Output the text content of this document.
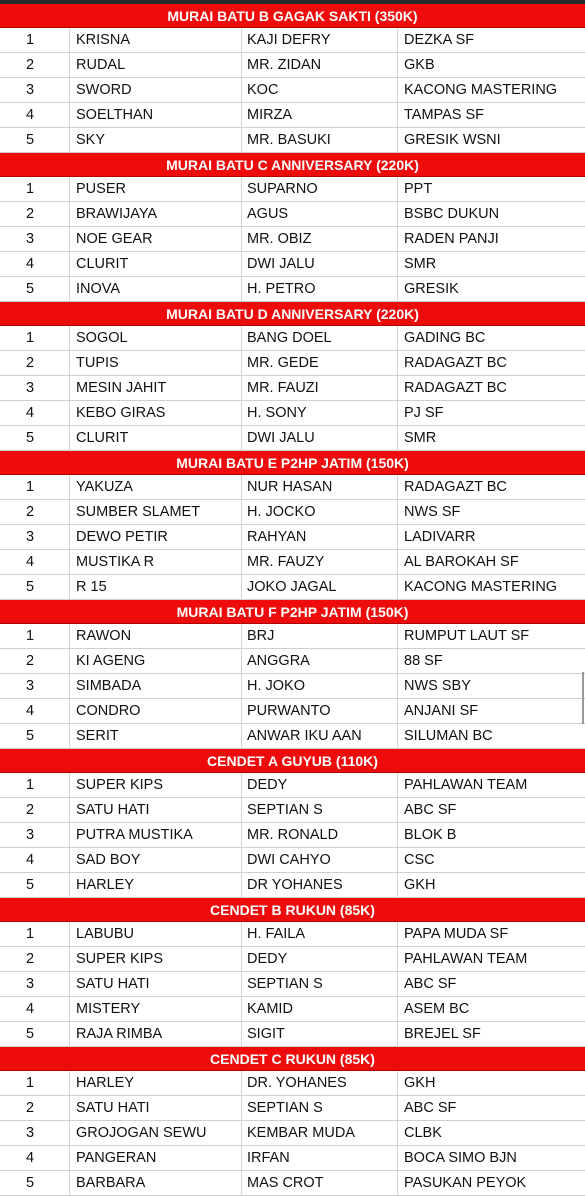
MURAI BATU B GAGAK SAKTI (350K)
1	KRISNA	KAJI DEFRY	DEZKA SF
2	RUDAL	MR. ZIDAN	GKB
3	SWORD	KOC	KACONG MASTERING
4	SOELTHAN	MIRZA	TAMPAS SF
5	SKY	MR. BASUKI	GRESIK WSNI
MURAI BATU C ANNIVERSARY (220K)
1	PUSER	SUPARNO	PPT
2	BRAWIJAYA	AGUS	BSBC DUKUN
3	NOE GEAR	MR. OBIZ	RADEN PANJI
4	CLURIT	DWI JALU	SMR
5	INOVA	H. PETRO	GRESIK
MURAI BATU D ANNIVERSARY (220K)
1	SOGOL	BANG DOEL	GADING BC
2	TUPIS	MR. GEDE	RADAGAZT BC
3	MESIN JAHIT	MR. FAUZI	RADAGAZT BC
4	KEBO GIRAS	H. SONY	PJ SF
5	CLURIT	DWI JALU	SMR
MURAI BATU E P2HP JATIM (150K)
1	YAKUZA	NUR HASAN	RADAGAZT BC
2	SUMBER SLAMET	H. JOCKO	NWS SF
3	DEWO PETIR	RAHYAN	LADIVARR
4	MUSTIKA R	MR. FAUZY	AL BAROKAH SF
5	R 15	JOKO JAGAL	KACONG MASTERING
MURAI BATU F P2HP JATIM (150K)
1	RAWON	BRJ	RUMPUT LAUT SF
2	KI AGENG	ANGGRA	88 SF
3	SIMBADA	H. JOKO	NWS SBY
4	CONDRO	PURWANTO	ANJANI SF
5	SERIT	ANWAR IKU AAN	SILUMAN BC
CENDET A GUYUB (110K)
1	SUPER KIPS	DEDY	PAHLAWAN TEAM
2	SATU HATI	SEPTIAN S	ABC SF
3	PUTRA MUSTIKA	MR. RONALD	BLOK B
4	SAD BOY	DWI CAHYO	CSC
5	HARLEY	DR YOHANES	GKH
CENDET B RUKUN (85K)
1	LABUBU	H. FAILA	PAPA MUDA SF
2	SUPER KIPS	DEDY	PAHLAWAN TEAM
3	SATU HATI	SEPTIAN S	ABC SF
4	MISTERY	KAMID	ASEM BC
5	RAJA RIMBA	SIGIT	BREJEL SF
CENDET C RUKUN (85K)
1	HARLEY	DR. YOHANES	GKH
2	SATU HATI	SEPTIAN S	ABC SF
3	GROJOGAN SEWU	KEMBAR MUDA	CLBK
4	PANGERAN	IRFAN	BOCA SIMO BJN
5	BARBARA	MAS CROT	PASUKAN PEYOK
